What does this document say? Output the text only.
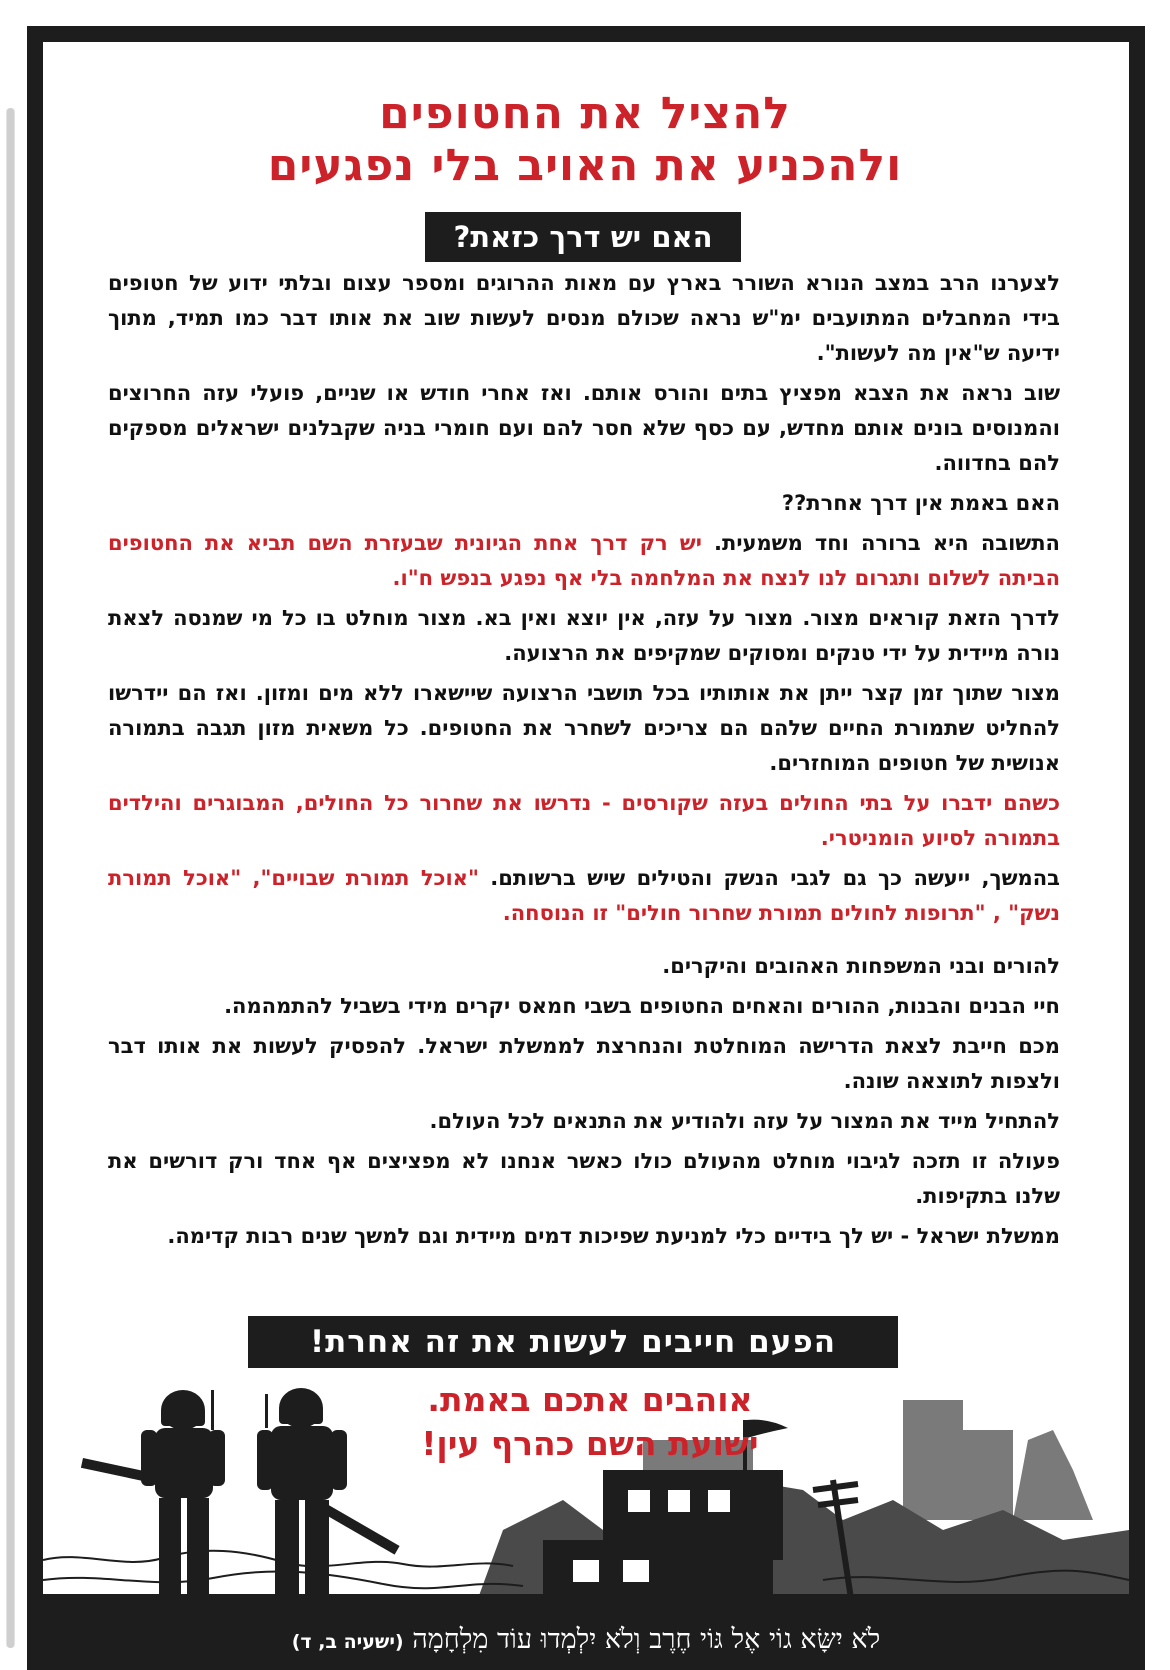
להציל את החטופים
ולהכניע את האויב בלי נפגעים
האם יש דרך כזאת?

לצערנו הרב במצב הנורא השורר בארץ עם מאות ההרוגים ומספר עצום ובלתי ידוע של חטופים בידי המחבלים המתועבים ימ"ש נראה שכולם מנסים לעשות שוב את אותו דבר כמו תמיד, מתוך ידיעה ש"אין מה לעשות".

שוב נראה את הצבא מפציץ בתים והורס אותם. ואז אחרי חודש או שניים, פועלי עזה החרוצים והמנוסים בונים אותם מחדש, עם כסף שלא חסר להם ועם חומרי בניה שקבלנים ישראלים מספקים להם בחדווה.

האם באמת אין דרך אחרת??

התשובה היא ברורה וחד משמעית. יש רק דרך אחת הגיונית שבעזרת השם תביא את החטופים הביתה לשלום ותגרום לנו לנצח את המלחמה בלי אף נפגע בנפש ח"ו.

לדרך הזאת קוראים מצור. מצור על עזה, אין יוצא ואין בא. מצור מוחלט בו כל מי שמנסה לצאת נורה מיידית על ידי טנקים ומסוקים שמקיפים את הרצועה.

מצור שתוך זמן קצר ייתן את אותותיו בכל תושבי הרצועה שיישארו ללא מים ומזון. ואז הם יידרשו להחליט שתמורת החיים שלהם הם צריכים לשחרר את החטופים. כל משאית מזון תגבה בתמורה אנושית של חטופים המוחזרים.

כשהם ידברו על בתי החולים בעזה שקורסים - נדרשו את שחרור כל החולים, המבוגרים והילדים בתמורה לסיוע הומניטרי.

בהמשך, ייעשה כך גם לגבי הנשק והטילים שיש ברשותם. "אוכל תמורת שבויים", "אוכל תמורת נשק" , "תרופות לחולים תמורת שחרור חולים" זו הנוסחה.

להורים ובני המשפחות האהובים והיקרים.

חיי הבנים והבנות, ההורים והאחים החטופים בשבי חמאס יקרים מידי בשביל להתמהמה.

מכם חייבת לצאת הדרישה המוחלטת והנחרצת לממשלת ישראל. להפסיק לעשות את אותו דבר ולצפות לתוצאה שונה.

להתחיל מייד את המצור על עזה ולהודיע את התנאים לכל העולם.

פעולה זו תזכה לגיבוי מוחלט מהעולם כולו כאשר אנחנו לא מפציצים אף אחד ורק דורשים את שלנו בתקיפות.

ממשלת ישראל - יש לך בידיים כלי למניעת שפיכות דמים מיידית וגם למשך שנים רבות קדימה.

הפעם חייבים לעשות את זה אחרת!
אוהבים אתכם באמת.
ישועת השם כהרף עין!
לֹא יִשָּׂא גוֹי אֶל גּוֹי חֶרֶב וְלֹא יִלְמְדוּ עוֹד מִלְחָמָה (ישעיה ב, ד)
